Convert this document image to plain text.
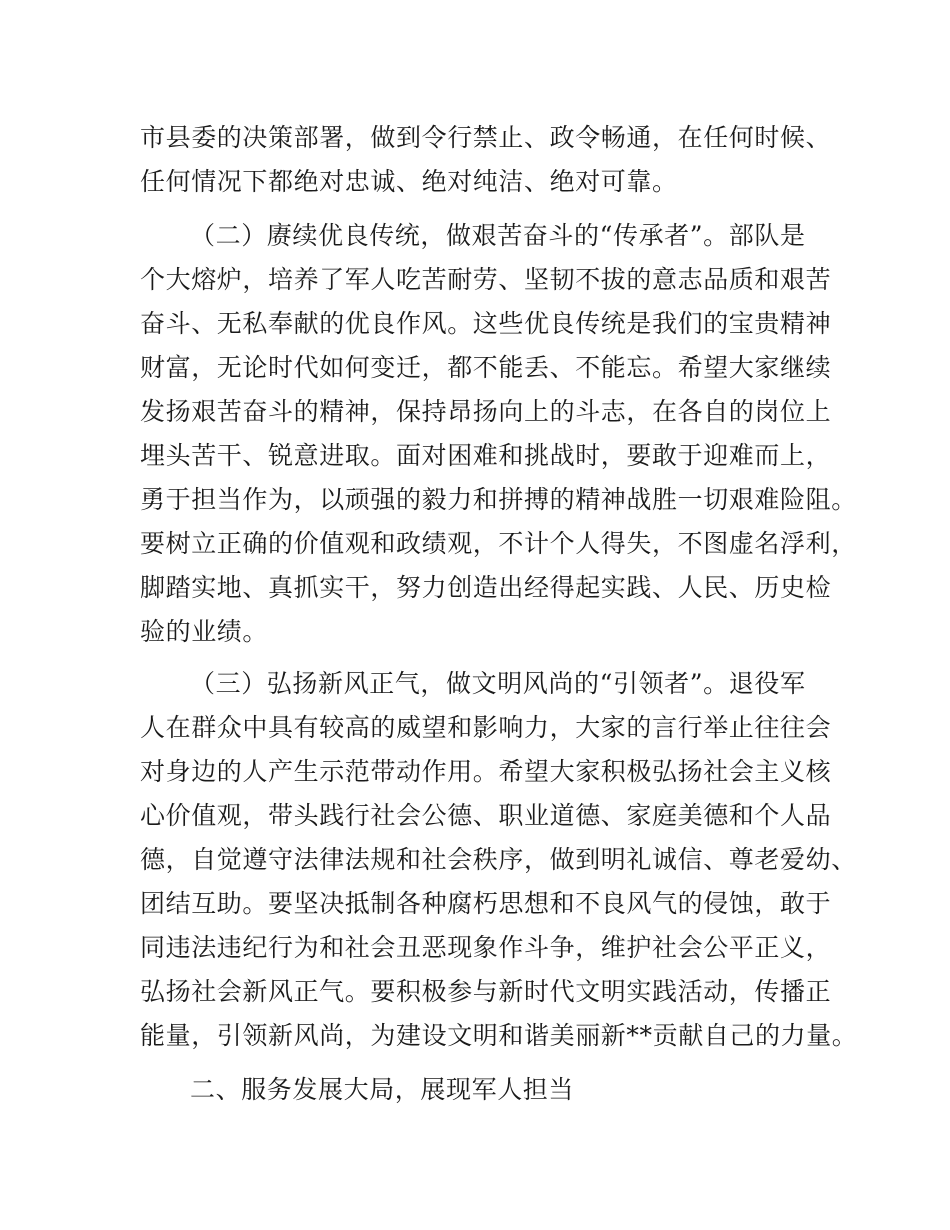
市县委的决策部署，做到令行禁止、政令畅通，在任何时候、
任何情况下都绝对忠诚、绝对纯洁、绝对可靠。
（二）赓续优良传统，做艰苦奋斗的“传承者”。部队是
个大熔炉，培养了军人吃苦耐劳、坚韧不拔的意志品质和艰苦
奋斗、无私奉献的优良作风。这些优良传统是我们的宝贵精神
财富，无论时代如何变迁，都不能丢、不能忘。希望大家继续
发扬艰苦奋斗的精神，保持昂扬向上的斗志，在各自的岗位上
埋头苦干、锐意进取。面对困难和挑战时，要敢于迎难而上，
勇于担当作为，以顽强的毅力和拼搏的精神战胜一切艰难险阻。
要树立正确的价值观和政绩观，不计个人得失，不图虚名浮利，
脚踏实地、真抓实干，努力创造出经得起实践、人民、历史检
验的业绩。
（三）弘扬新风正气，做文明风尚的“引领者”。退役军
人在群众中具有较高的威望和影响力，大家的言行举止往往会
对身边的人产生示范带动作用。希望大家积极弘扬社会主义核
心价值观，带头践行社会公德、职业道德、家庭美德和个人品
德，自觉遵守法律法规和社会秩序，做到明礼诚信、尊老爱幼、
团结互助。要坚决抵制各种腐朽思想和不良风气的侵蚀，敢于
同违法违纪行为和社会丑恶现象作斗争，维护社会公平正义，
弘扬社会新风正气。要积极参与新时代文明实践活动，传播正
能量，引领新风尚，为建设文明和谐美丽新**贡献自己的力量。
二、服务发展大局，展现军人担当
